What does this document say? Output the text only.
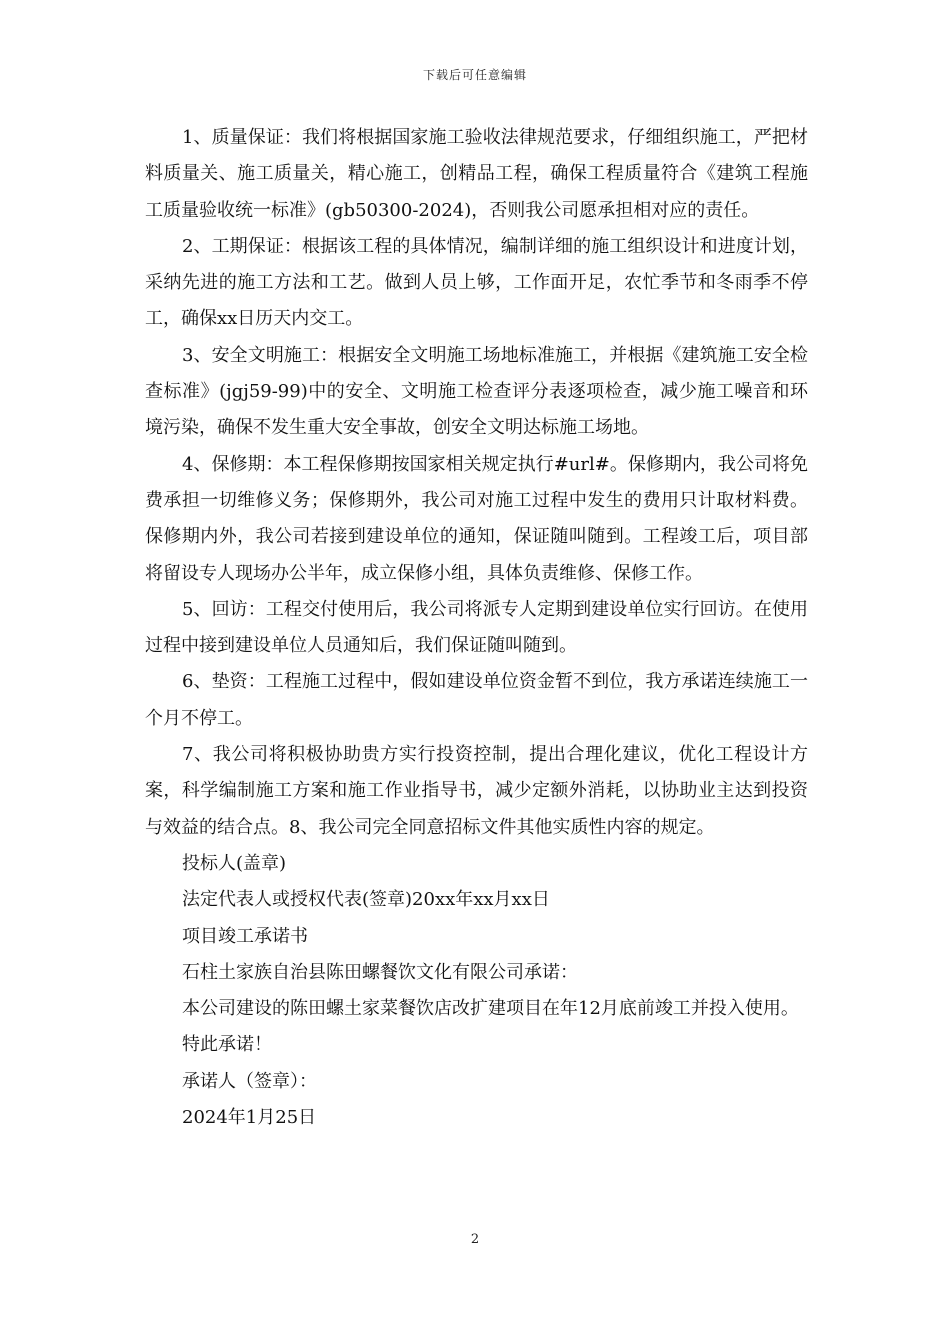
下载后可任意编辑

1、质量保证：我们将根据国家施工验收法律规范要求，仔细组织施工，严把材料质量关、施工质量关，精心施工，创精品工程，确保工程质量符合《建筑工程施工质量验收统一标准》(gb50300-2024)，否则我公司愿承担相对应的责任。

2、工期保证：根据该工程的具体情况，编制详细的施工组织设计和进度计划，采纳先进的施工方法和工艺。做到人员上够，工作面开足，农忙季节和冬雨季不停工，确保xx日历天内交工。

3、安全文明施工：根据安全文明施工场地标准施工，并根据《建筑施工安全检查标准》(jgj59-99)中的安全、文明施工检查评分表逐项检查，减少施工噪音和环境污染，确保不发生重大安全事故，创安全文明达标施工场地。

4、保修期：本工程保修期按国家相关规定执行#url#。保修期内，我公司将免费承担一切维修义务；保修期外，我公司对施工过程中发生的费用只计取材料费。保修期内外，我公司若接到建设单位的通知，保证随叫随到。工程竣工后，项目部将留设专人现场办公半年，成立保修小组，具体负责维修、保修工作。

5、回访：工程交付使用后，我公司将派专人定期到建设单位实行回访。在使用过程中接到建设单位人员通知后，我们保证随叫随到。

6、垫资：工程施工过程中，假如建设单位资金暂不到位，我方承诺连续施工一个月不停工。

7、我公司将积极协助贵方实行投资控制，提出合理化建议，优化工程设计方案，科学编制施工方案和施工作业指导书，减少定额外消耗，以协助业主达到投资与效益的结合点。8、我公司完全同意招标文件其他实质性内容的规定。

投标人(盖章)

法定代表人或授权代表(签章)20xx年xx月xx日

项目竣工承诺书

石柱土家族自治县陈田螺餐饮文化有限公司承诺：

本公司建设的陈田螺土家菜餐饮店改扩建项目在年12月底前竣工并投入使用。

特此承诺！

承诺人（签章）：

2024年1月25日

2
